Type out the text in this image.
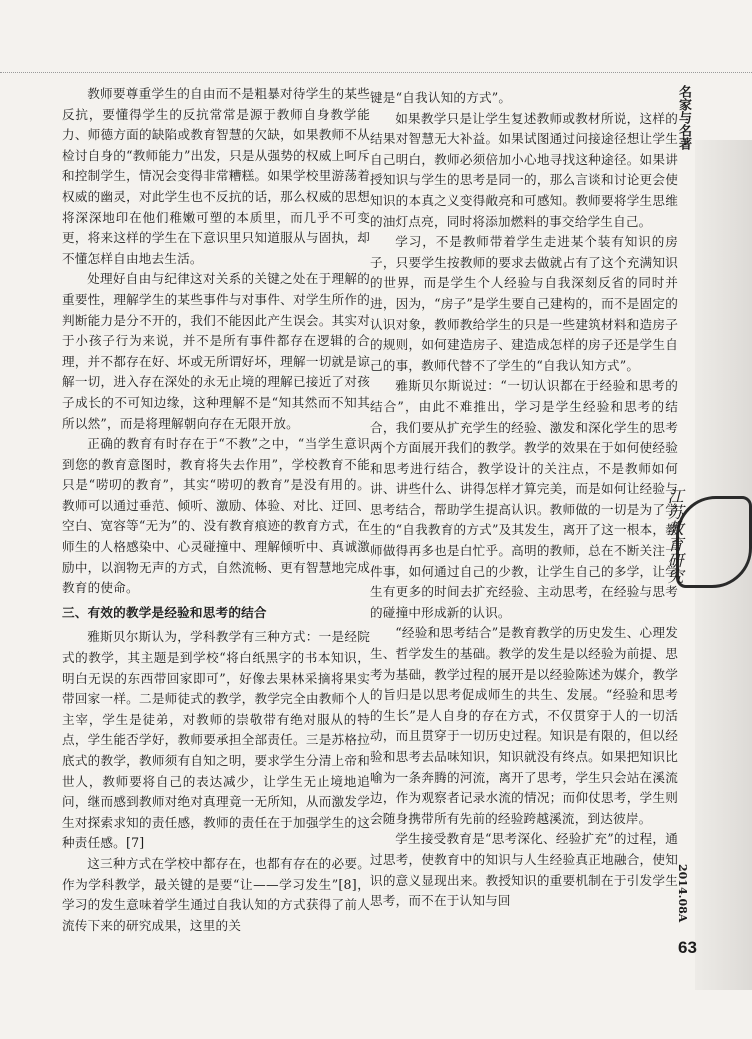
教师要尊重学生的自由而不是粗暴对待学生的某些反抗，要懂得学生的反抗常常是源于教师自身教学能力、师德方面的缺陷或教育智慧的欠缺，如果教师不从检讨自身的“教师能力”出发，只是从强势的权威上呵斥和控制学生，情况会变得非常糟糕。如果学校里游荡着权威的幽灵，对此学生也不反抗的话，那么权威的思想将深深地印在他们稚嫩可塑的本质里，而几乎不可变更，将来这样的学生在下意识里只知道服从与固执，却不懂怎样自由地去生活。

处理好自由与纪律这对关系的关键之处在于理解的重要性，理解学生的某些事件与对事件、对学生所作的判断能力是分不开的，我们不能因此产生误会。其实对于小孩子行为来说，并不是所有事件都存在逻辑的合理，并不都存在好、坏或无所谓好坏，理解一切就是谅解一切，进入存在深处的永无止境的理解已接近了对孩子成长的不可知边缘，这种理解不是“知其然而不知其所以然”，而是将理解朝向存在无限开放。

正确的教育有时存在于“不教”之中，“当学生意识到您的教育意图时，教育将失去作用”，学校教育不能只是“唠叨的教育”，其实“唠叨的教育”是没有用的。教师可以通过垂范、倾听、激励、体验、对比、迂回、空白、宽容等“无为”的、没有教育痕迹的教育方式，在师生的人格感染中、心灵碰撞中、理解倾听中、真诚激励中，以润物无声的方式，自然流畅、更有智慧地完成教育的使命。

三、有效的教学是经验和思考的结合

雅斯贝尔斯认为，学科教学有三种方式：一是经院式的教学，其主题是到学校“将白纸黑字的书本知识，明白无误的东西带回家即可”，好像去果林采摘将果实带回家一样。二是师徒式的教学，教学完全由教师个人主宰，学生是徒弟，对教师的崇敬带有绝对服从的特点，学生能否学好，教师要承担全部责任。三是苏格拉底式的教学，教师须有自知之明，要求学生分清上帝和世人，教师要将自己的表达减少，让学生无止境地追问，继而感到教师对绝对真理竟一无所知，从而激发学生对探索求知的责任感，教师的责任在于加强学生的这种责任感。[7]

这三种方式在学校中都存在，也都有存在的必要。作为学科教学，最关键的是要“让——学习发生”[8]，学习的发生意味着学生通过自我认知的方式获得了前人流传下来的研究成果，这里的关

键是“自我认知的方式”。

如果教学只是让学生复述教师或教材所说，这样的结果对智慧无大补益。如果试图通过问接途径想让学生自己明白，教师必须倍加小心地寻找这种途径。如果讲授知识与学生的思考是同一的，那么言谈和讨论更会使知识的本真之义变得敞亮和可感知。教师要将学生思维的油灯点亮，同时将添加燃料的事交给学生自己。

学习，不是教师带着学生走进某个装有知识的房子，只要学生按教师的要求去做就占有了这个充满知识的世界，而是学生个人经验与自我深刻反省的同时并进，因为，“房子”是学生要自己建构的，而不是固定的认识对象，教师教给学生的只是一些建筑材料和造房子的规则，如何建造房子、建造成怎样的房子还是学生自己的事，教师代替不了学生的“自我认知方式”。

雅斯贝尔斯说过：“一切认识都在于经验和思考的结合”，由此不难推出，学习是学生经验和思考的结合，我们要从扩充学生的经验、激发和深化学生的思考两个方面展开我们的教学。教学的效果在于如何使经验和思考进行结合，教学设计的关注点，不是教师如何讲、讲些什么、讲得怎样才算完美，而是如何让经验与思考结合，帮助学生提高认识。教师做的一切是为了学生的“自我教育的方式”及其发生，离开了这一根本，教师做得再多也是白忙乎。高明的教师，总在不断关注一件事，如何通过自己的少教，让学生自己的多学，让学生有更多的时间去扩充经验、主动思考，在经验与思考的碰撞中形成新的认识。

“经验和思考结合”是教育教学的历史发生、心理发生、哲学发生的基础。教学的发生是以经验为前提、思考为基础，教学过程的展开是以经验陈述为媒介，教学的旨归是以思考促成师生的共生、发展。“经验和思考的生长”是人自身的存在方式，不仅贯穿于人的一切活动，而且贯穿于一切历史过程。知识是有限的，但以经验和思考去品味知识，知识就没有终点。如果把知识比喻为一条奔腾的河流，离开了思考，学生只会站在溪流边，作为观察者记录水流的情况；而仰仗思考，学生则会随身携带所有先前的经验跨越溪流，到达彼岸。

学生接受教育是“思考深化、经验扩充”的过程，通过思考，使教育中的知识与人生经验真正地融合，使知识的意义显现出来。教授知识的重要机制在于引发学生思考，而不在于认知与回

名家与名著
江苏教育研究
2014.08A
63
